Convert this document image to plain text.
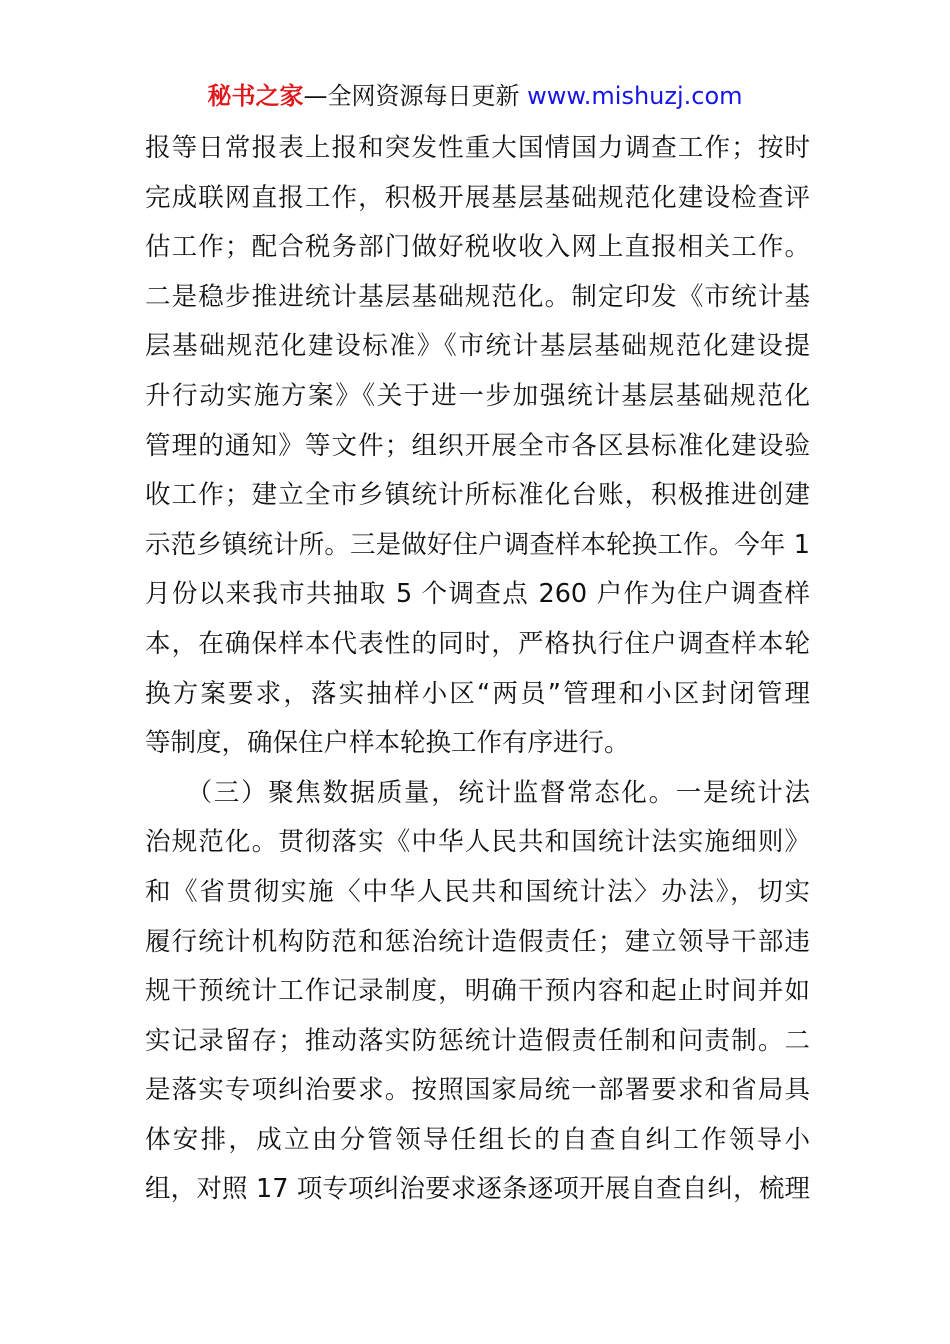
秘书之家—全网资源每日更新 www.mishuzj.com
报等日常报表上报和突发性重大国情国力调查工作；按时
完成联网直报工作，积极开展基层基础规范化建设检查评
估工作；配合税务部门做好税收收入网上直报相关工作。
二是稳步推进统计基层基础规范化。制定印发《市统计基
层基础规范化建设标准》《市统计基层基础规范化建设提
升行动实施方案》《关于进一步加强统计基层基础规范化
管理的通知》等文件；组织开展全市各区县标准化建设验
收工作；建立全市乡镇统计所标准化台账，积极推进创建
示范乡镇统计所。三是做好住户调查样本轮换工作。今年 1
月份以来我市共抽取 5 个调查点 260 户作为住户调查样
本，在确保样本代表性的同时，严格执行住户调查样本轮
换方案要求，落实抽样小区“两员”管理和小区封闭管理
等制度，确保住户样本轮换工作有序进行。
　　（三）聚焦数据质量，统计监督常态化。一是统计法
治规范化。贯彻落实《中华人民共和国统计法实施细则》
和《省贯彻实施〈中华人民共和国统计法〉办法》，切实
履行统计机构防范和惩治统计造假责任；建立领导干部违
规干预统计工作记录制度，明确干预内容和起止时间并如
实记录留存；推动落实防惩统计造假责任制和问责制。二
是落实专项纠治要求。按照国家局统一部署要求和省局具
体安排，成立由分管领导任组长的自查自纠工作领导小
组，对照 17 项专项纠治要求逐条逐项开展自查自纠，梳理
